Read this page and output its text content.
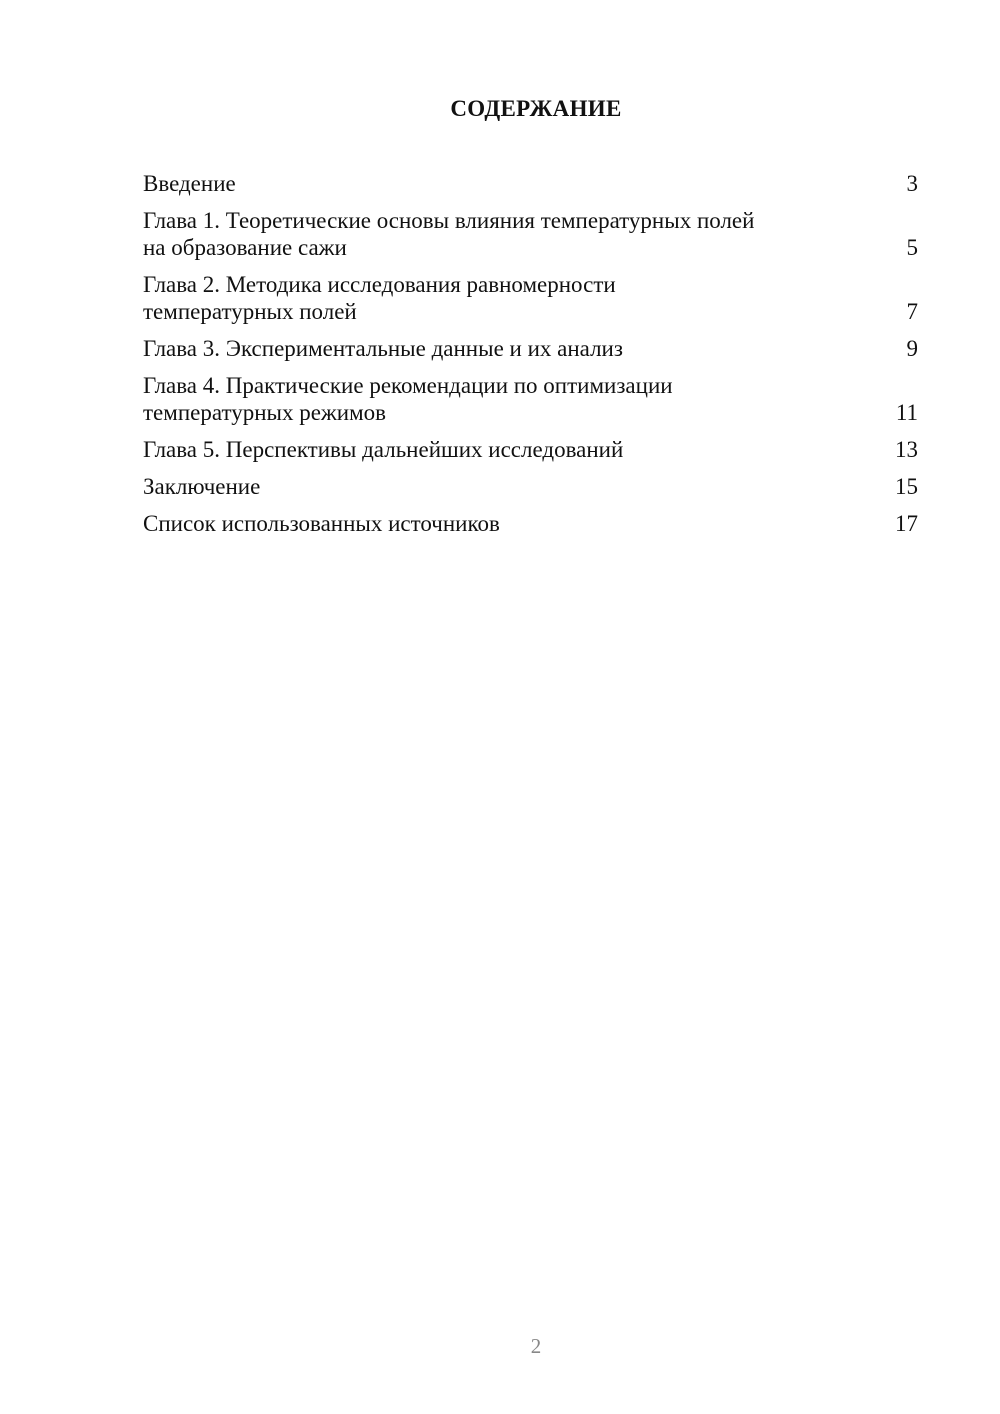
СОДЕРЖАНИЕ
Введение	3
Глава 1. Теоретические основы влияния температурных полей
на образование сажи	5
Глава 2. Методика исследования равномерности
температурных полей	7
Глава 3. Экспериментальные данные и их анализ	9
Глава 4. Практические рекомендации по оптимизации
температурных режимов	11
Глава 5. Перспективы дальнейших исследований	13
Заключение	15
Список использованных источников	17
2
